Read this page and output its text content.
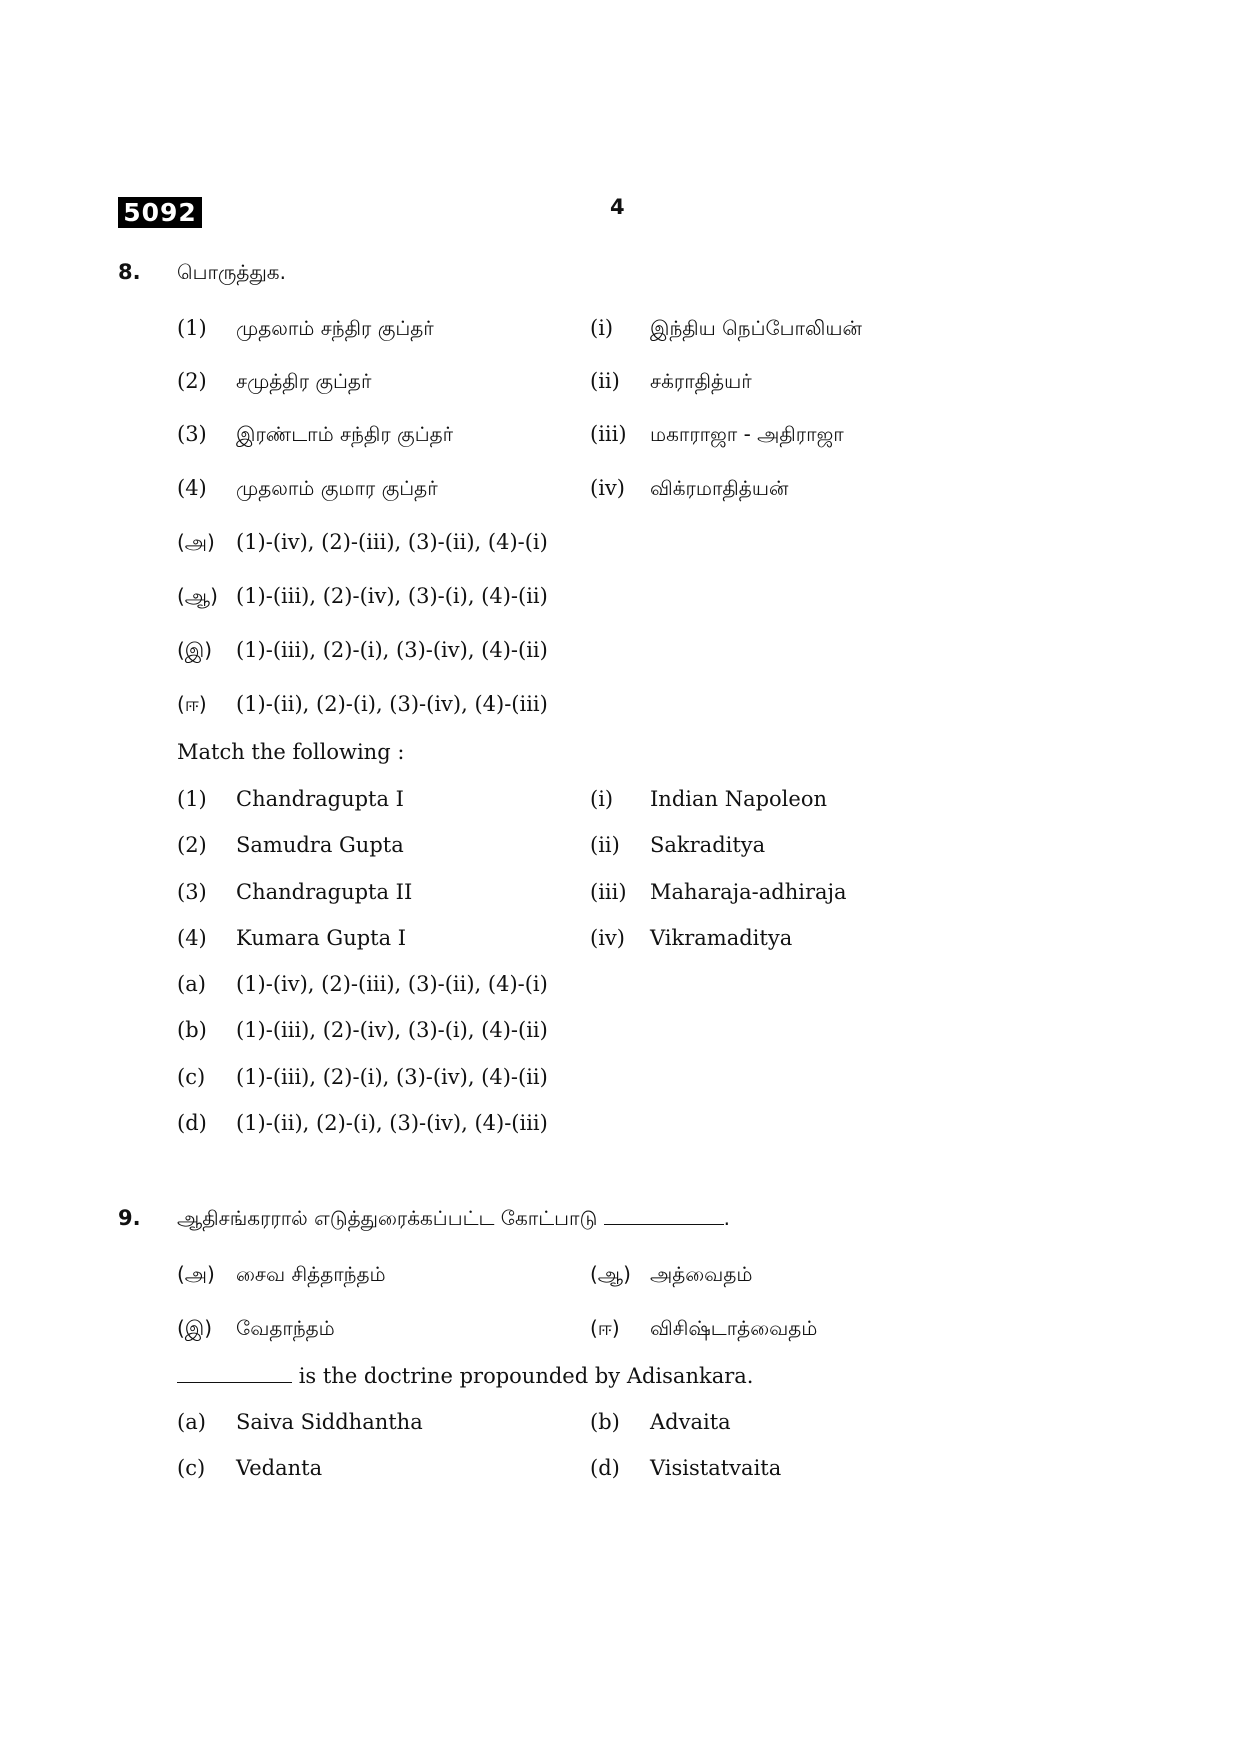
5092	4
8. பொருத்துக.
(1) முதலாம் சந்திர குப்தர்	(i) இந்திய நெப்போலியன்
(2) சமுத்திர குப்தர்	(ii) சக்ராதித்யர்
(3) இரண்டாம் சந்திர குப்தர்	(iii) மகாராஜா - அதிராஜா
(4) முதலாம் குமார குப்தர்	(iv) விக்ரமாதித்யன்
(அ) (1)-(iv), (2)-(iii), (3)-(ii), (4)-(i)
(ஆ) (1)-(iii), (2)-(iv), (3)-(i), (4)-(ii)
(இ) (1)-(iii), (2)-(i), (3)-(iv), (4)-(ii)
(ஈ) (1)-(ii), (2)-(i), (3)-(iv), (4)-(iii)
Match the following :
(1) Chandragupta I	(i) Indian Napoleon
(2) Samudra Gupta	(ii) Sakraditya
(3) Chandragupta II	(iii) Maharaja-adhiraja
(4) Kumara Gupta I	(iv) Vikramaditya
(a) (1)-(iv), (2)-(iii), (3)-(ii), (4)-(i)
(b) (1)-(iii), (2)-(iv), (3)-(i), (4)-(ii)
(c) (1)-(iii), (2)-(i), (3)-(iv), (4)-(ii)
(d) (1)-(ii), (2)-(i), (3)-(iv), (4)-(iii)
9. ஆதிசங்கரரால் எடுத்துரைக்கப்பட்ட கோட்பாடு	.
(அ) சைவ சித்தாந்தம்	(ஆ) அத்வைதம்
(இ) வேதாந்தம்	(ஈ) விசிஷ்டாத்வைதம்
is the doctrine propounded by Adisankara.
(a) Saiva Siddhantha	(b) Advaita
(c) Vedanta	(d) Visistatvaita
